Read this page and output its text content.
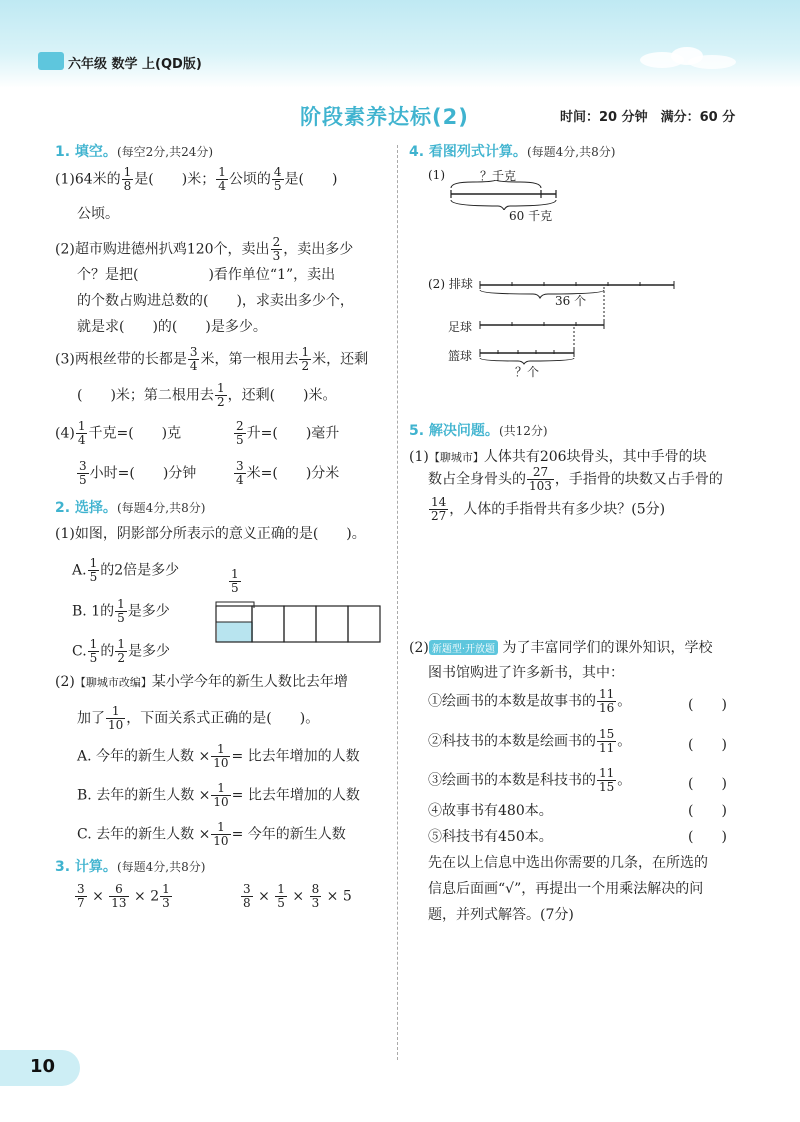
六年级 数学 上(QD版)
阶段素养达标(2)	时间：20 分钟　满分：60 分
1. 填空。(每空2分,共24分)
(1)64米的 $\frac{1}{8}$ 是(　　)米； $\frac{1}{4}$ 公顷的 $\frac{4}{5}$ 是(　　)
公顷。
(2)超市购进德州扒鸡120个，卖出 $\frac{2}{3}$ ，卖出多少
个？是把(　　　　　)看作单位“1”，卖出
的个数占购进总数的(　　)，求卖出多少个，
就是求(　　)的(　　)是多少。
(3)两根丝带的长都是 $\frac{3}{4}$ 米，第一根用去 $\frac{1}{2}$ 米，还剩
(　　)米；第二根用去 $\frac{1}{2}$ ，还剩(　　)米。
$(4) \frac{1}{4}$ 千克=(　　)克	$\frac{2}{5}$ 升=(　　)毫升
$\frac{3}{5}$ 小时=(　　)分钟	$\frac{3}{4}$ 米=(　　)分米
2. 选择。(每题4分,共8分)
(1)如图，阴影部分所表示的意义正确的是(　　)。
A. $\frac{1}{5}$ 的2倍是多少
B. 1的 $\frac{1}{5}$ 是多少
C. $\frac{1}{5}$ 的 $\frac{1}{2}$ 是多少
$\frac{1}{5}$
(2)【聊城市改编】某小学今年的新生人数比去年增
加了 $\frac{1}{10}$ ，下面关系式正确的是(　　)。
A. 今年的新生人数 × $\frac{1}{10}$ = 比去年增加的人数
B. 去年的新生人数 × $\frac{1}{10}$ = 比去年增加的人数
C. 去年的新生人数 × $\frac{1}{10}$ = 今年的新生人数
3. 计算。(每题4分,共8分)
$\frac{3}{7} \times \frac{6}{13} \times 2 \frac{1}{3}$	$\frac{3}{8} \times \frac{1}{5} \times \frac{8}{3} \times 5$
4. 看图列式计算。(每题4分,共8分)
(1)	？千克
60 千克
(2) 排球
36 个
足球
篮球
？个
5. 解决问题。(共12分)
(1)【聊城市】人体共有206块骨头，其中手骨的块
数占全身骨头的 $\frac{27}{103}$ ，手指骨的块数又占手骨的
$\frac{14}{27}$ ，人体的手指骨共有多少块？(5分)
(2) 新题型·开放题 为了丰富同学们的课外知识，学校
图书馆购进了许多新书，其中：
①绘画书的本数是故事书的 $\frac{11}{16}$ 。	(　　)
②科技书的本数是绘画书的 $\frac{15}{11}$ 。	(　　)
③绘画书的本数是科技书的 $\frac{11}{15}$ 。	(　　)
④故事书有480本。	(　　)
⑤科技书有450本。	(　　)
先在以上信息中选出你需要的几条，在所选的
信息后面画“√”，再提出一个用乘法解决的问
题，并列式解答。(7分)
10
